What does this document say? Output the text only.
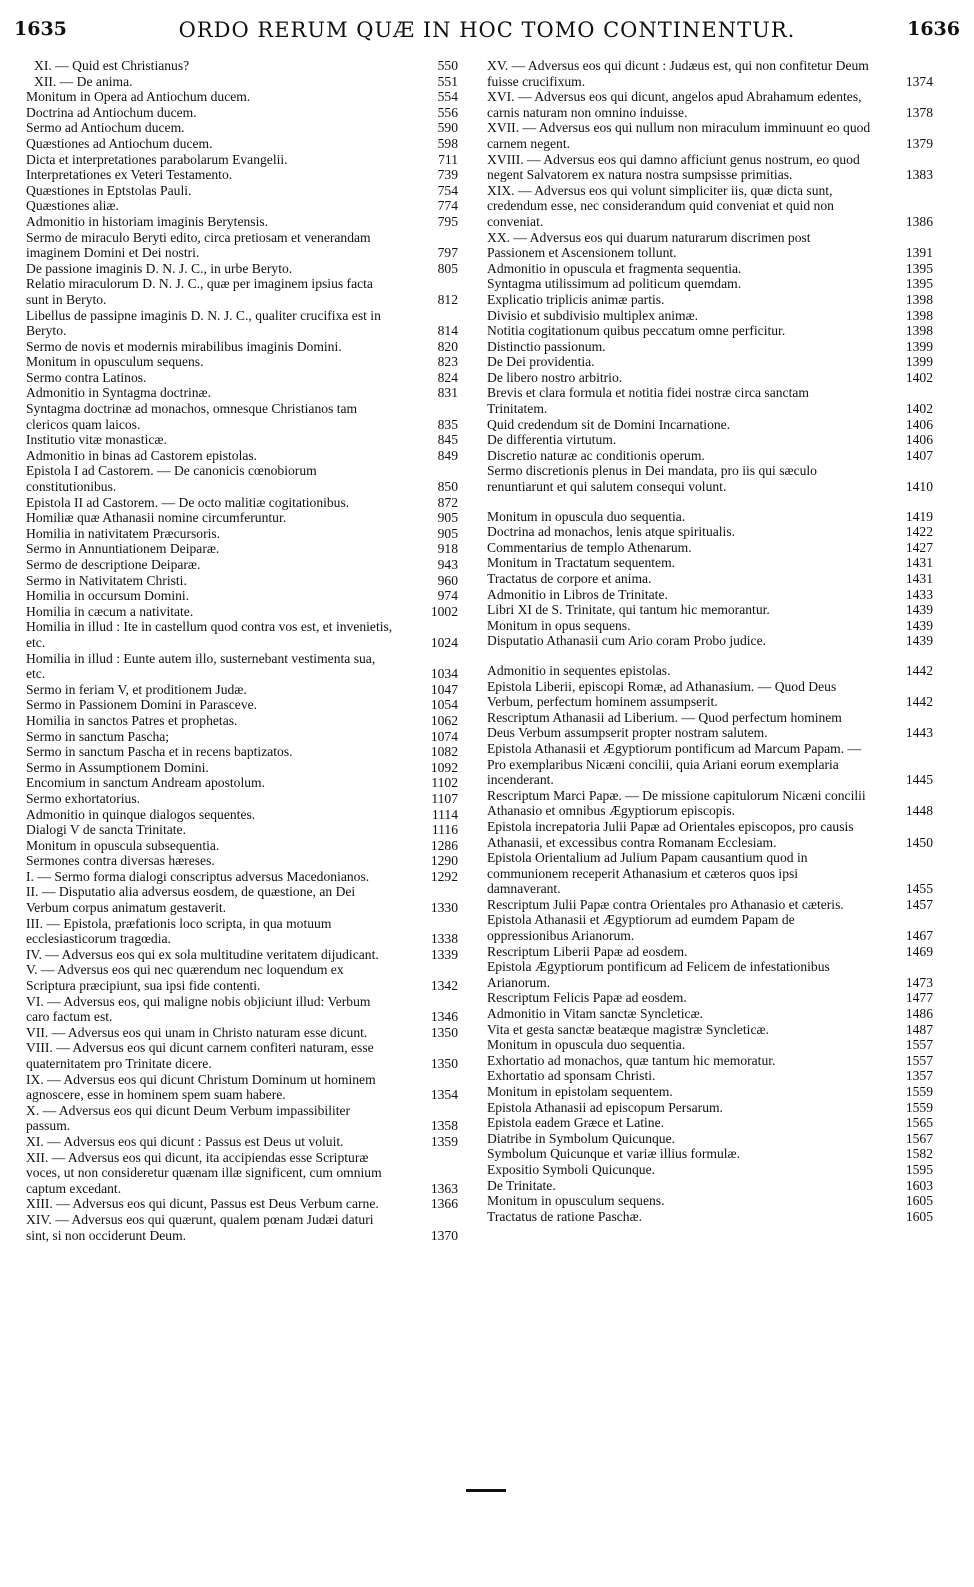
1635	ORDO RERUM QUÆ IN HOC TOMO CONTINENTUR.	1636
XI. — Quid est Christianus?	550
XII. — De anima.	551
Monitum in Opera ad Antiochum ducem.	554
Doctrina ad Antiochum ducem.	556
Sermo ad Antiochum ducem.	590
Quæstiones ad Antiochum ducem.	598
Dicta et interpretationes parabolarum Evangelii.	711
Interpretationes ex Veteri Testamento.	739
Quæstiones in Eptstolas Pauli.	754
Quæstiones aliæ.	774
Admonitio in historiam imaginis Berytensis.	795
Sermo de miraculo Beryti edito, circa pretiosam et venerandam imaginem Domini et Dei nostri.	797
De passione imaginis D. N. J. C., in urbe Beryto.	805
Relatio miraculorum D. N. J. C., quæ per imaginem ipsius facta sunt in Beryto.	812
Libellus de passipne imaginis D. N. J. C., qualiter crucifixa est in Beryto.	814
Sermo de novis et modernis mirabilibus imaginis Domini.	820
Monitum in opusculum sequens.	823
Sermo contra Latinos.	824
Admonitio in Syntagma doctrinæ.	831
Syntagma doctrinæ ad monachos, omnesque Christianos tam clericos quam laicos.	835
Institutio vitæ monasticæ.	845
Admonitio in binas ad Castorem epistolas.	849
Epistola I ad Castorem. — De canonicis cœnobiorum constitutionibus.	850
Epistola II ad Castorem. — De octo malitiæ cogitationibus.	872
Homiliæ quæ Athanasii nomine circumferuntur.	905
Homilia in nativitatem Præcursoris.	905
Sermo in Annuntiationem Deiparæ.	918
Sermo de descriptione Deiparæ.	943
Sermo in Nativitatem Christi.	960
Homilia in occursum Domini.	974
Homilia in cæcum a nativitate.	1002
Homilia in illud : Ite in castellum quod contra vos est, et invenietis, etc.	1024
Homilia in illud : Eunte autem illo, susternebant vestimenta sua, etc.	1034
Sermo in feriam V, et proditionem Judæ.	1047
Sermo in Passionem Domini in Parasceve.	1054
Homilia in sanctos Patres et prophetas.	1062
Sermo in sanctum Pascha;	1074
Sermo in sanctum Pascha et in recens baptizatos.	1082
Sermo in Assumptionem Domini.	1092
Encomium in sanctum Andream apostolum.	1102
Sermo exhortatorius.	1107
Admonitio in quinque dialogos sequentes.	1114
Dialogi V de sancta Trinitate.	1116
Monitum in opuscula subsequentia.	1286
Sermones contra diversas hæreses.	1290
I. — Sermo forma dialogi conscriptus adversus Macedonianos.	1292
II. — Disputatio alia adversus eosdem, de quæstione, an Dei Verbum corpus animatum gestaverit.	1330
III. — Epistola, præfationis loco scripta, in qua motuum ecclesiasticorum tragœdia.	1338
IV. — Adversus eos qui ex sola multitudine veritatem dijudicant.	1339
V. — Adversus eos qui nec quærendum nec loquendum ex Scriptura præcipiunt, sua ipsi fide contenti.	1342
VI. — Adversus eos, qui maligne nobis objiciunt illud: Verbum caro factum est.	1346
VII. — Adversus eos qui unam in Christo naturam esse dicunt.	1350
VIII. — Adversus eos qui dicunt carnem confiteri naturam, esse quaternitatem pro Trinitate dicere.	1350
IX. — Adversus eos qui dicunt Christum Dominum ut hominem agnoscere, esse in hominem spem suam habere.	1354
X. — Adversus eos qui dicunt Deum Verbum impassibiliter passum.	1358
XI. — Adversus eos qui dicunt : Passus est Deus ut voluit.	1359
XII. — Adversus eos qui dicunt, ita accipiendas esse Scripturæ voces, ut non consideretur quænam illæ significent, cum omnium captum excedant.	1363
XIII. — Adversus eos qui dicunt, Passus est Deus Verbum carne.	1366
XIV. — Adversus eos qui quærunt, qualem pœnam Judæi daturi sint, si non occiderunt Deum.	1370
XV. — Adversus eos qui dicunt : Judæus est, qui non confitetur Deum fuisse crucifixum.	1374
XVI. — Adversus eos qui dicunt, angelos apud Abrahamum edentes, carnis naturam non omnino induisse.	1378
XVII. — Adversus eos qui nullum non miraculum imminuunt eo quod carnem negent.	1379
XVIII. — Adversus eos qui damno afficiunt genus nostrum, eo quod negent Salvatorem ex natura nostra sumpsisse primitias.	1383
XIX. — Adversus eos qui volunt simpliciter iis, quæ dicta sunt, credendum esse, nec considerandum quid conveniat et quid non conveniat.	1386
XX. — Adversus eos qui duarum naturarum discrimen post Passionem et Ascensionem tollunt.	1391
Admonitio in opuscula et fragmenta sequentia.	1395
Syntagma utilissimum ad politicum quemdam.	1395
Explicatio triplicis animæ partis.	1398
Divisio et subdivisio multiplex animæ.	1398
Notitia cogitationum quibus peccatum omne perficitur.	1398
Distinctio passionum.	1399
De Dei providentia.	1399
De libero nostro arbitrio.	1402
Brevis et clara formula et notitia fidei nostræ circa sanctam Trinitatem.	1402
Quid credendum sit de Domini Incarnatione.	1406
De differentia virtutum.	1406
Discretio naturæ ac conditionis operum.	1407
Sermo discretionis plenus in Dei mandata, pro iis qui sæculo renuntiarunt et qui salutem consequi volunt.	1410
Monitum in opuscula duo sequentia.	1419
Doctrina ad monachos, lenis atque spiritualis.	1422
Commentarius de templo Athenarum.	1427
Monitum in Tractatum sequentem.	1431
Tractatus de corpore et anima.	1431
Admonitio in Libros de Trinitate.	1433
Libri XI de S. Trinitate, qui tantum hic memorantur.	1439
Monitum in opus sequens.	1439
Disputatio Athanasii cum Ario coram Probo judice.	1439
Admonitio in sequentes epistolas.	1442
Epistola Liberii, episcopi Romæ, ad Athanasium. — Quod Deus Verbum, perfectum hominem assumpserit.	1442
Rescriptum Athanasii ad Liberium. — Quod perfectum hominem Deus Verbum assumpserit propter nostram salutem.	1443
Epistola Athanasii et Ægyptiorum pontificum ad Marcum Papam. — Pro exemplaribus Nicæni concilii, quia Ariani eorum exemplaria incenderant.	1445
Rescriptum Marci Papæ. — De missione capitulorum Nicæni concilii Athanasio et omnibus Ægyptiorum episcopis.	1448
Epistola increpatoria Julii Papæ ad Orientales episcopos, pro causis Athanasii, et excessibus contra Romanam Ecclesiam.	1450
Epistola Orientalium ad Julium Papam causantium quod in communionem receperit Athanasium et cæteros quos ipsi damnaverant.	1455
Rescriptum Julii Papæ contra Orientales pro Athanasio et cæteris.	1457
Epistola Athanasii et Ægyptiorum ad eumdem Papam de oppressionibus Arianorum.	1467
Rescriptum Liberii Papæ ad eosdem.	1469
Epistola Ægyptiorum pontificum ad Felicem de infestationibus Arianorum.	1473
Rescriptum Felicis Papæ ad eosdem.	1477
Admonitio in Vitam sanctæ Syncleticæ.	1486
Vita et gesta sanctæ beatæque magistræ Syncleticæ.	1487
Monitum in opuscula duo sequentia.	1557
Exhortatio ad monachos, quæ tantum hic memoratur.	1557
Exhortatio ad sponsam Christi.	1357
Monitum in epistolam sequentem.	1559
Epistola Athanasii ad episcopum Persarum.	1559
Epistola eadem Græce et Latine.	1565
Diatribe in Symbolum Quicunque.	1567
Symbolum Quicunque et variæ illius formulæ.	1582
Expositio Symboli Quicunque.	1595
De Trinitate.	1603
Monitum in opusculum sequens.	1605
Tractatus de ratione Paschæ.	1605
